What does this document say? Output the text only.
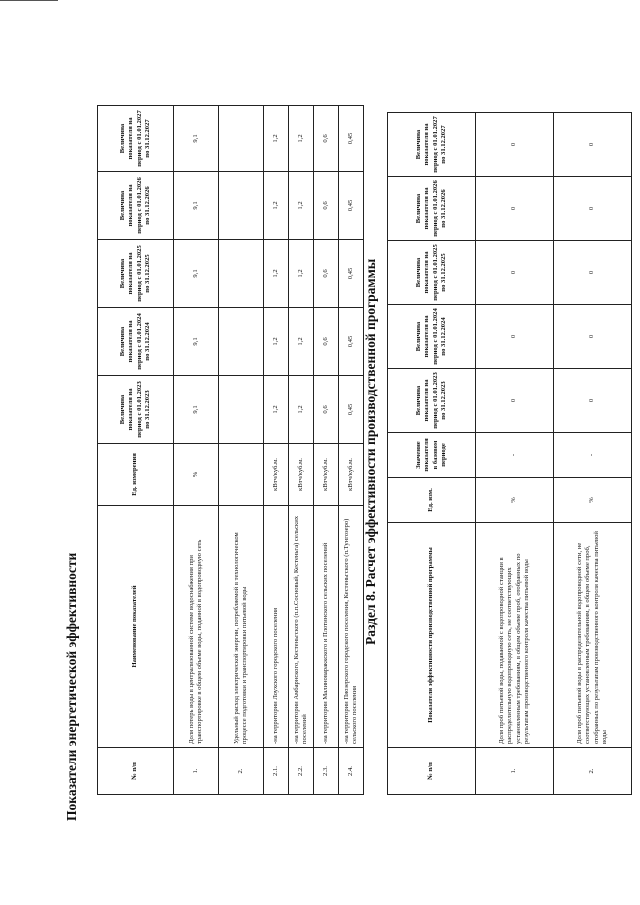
Показатели энергетической эффективности	№ п/п	Наименование показателей	Ед. измерения	Величина показателя на период с 01.01.2023 по 31.12.2023	Величина показателя на период с 01.01.2024 по 31.12.2024	Величина показателя на период с 01.01.2025 по 31.12.2025	Величина показателя на период с 01.01.2026 по 31.12.2026	Величина показателя на период с 01.01.2027 по 31.12.2027
1.	Доля потерь воды в централизованной системе водоснабжения при транспортировке в общем объеме воды, поданной в водопроводную сеть	%	9,1	9,1	9,1	9,1	9,1
2.	Удельный расход электрической энергии, потребляемой в технологическом процессе подготовки и транспортировки питьевой воды						
2.1.	-на территории Лоухского городского поселения	кВтч/куб.м.	1,2	1,2	1,2	1,2	1,2
2.2.	-на территории Амбарнского, Кестеньгского (п.п.Сосновый, Кестеньга) сельских поселений	кВтч/куб.м.	1,2	1,2	1,2	1,2	1,2
2.3.	-на территории Малиновараккского и Плотинского сельских поселений	кВтч/куб.м.	0,6	0,6	0,6	0,6	0,6
2.4.	-на территории Пяозерского городского поселения, Кестеньгского (п.Тунгозеро) сельского поселения	кВтч/куб.м.	0,45	0,45	0,45	0,45	0,45
Раздел 8. Расчет эффективности производственной программы
№ п/п	Показатели эффективности производственной программы	Ед. изм.	Значение показателя в базовом периоде	Величина показателя на период с 01.01.2023 по 31.12.2023	Величина показателя на период с 01.01.2024 по 31.12.2024	Величина показателя на период с 01.01.2025 по 31.12.2025	Величина показателя на период с 01.01.2026 по 31.12.2026	Величина показателя на период с 01.01.2027 по 31.12.2027
1.	Доля проб питьевой воды, подаваемой с водопроводной станции в распределительную водопроводную сеть, не соответствующих установленным требованиям, в общем объеме проб, отобранных по результатам производственного контроля качества питьевой воды	%	-	0	0	0	0	0
2.	Доля проб питьевой воды в распределительной водопроводной сети, не соответствующих установленным требованиям, в общем объеме проб, отобранных по результатам производственного контроля качества питьевой воды	%	-	0	0	0	0	0
